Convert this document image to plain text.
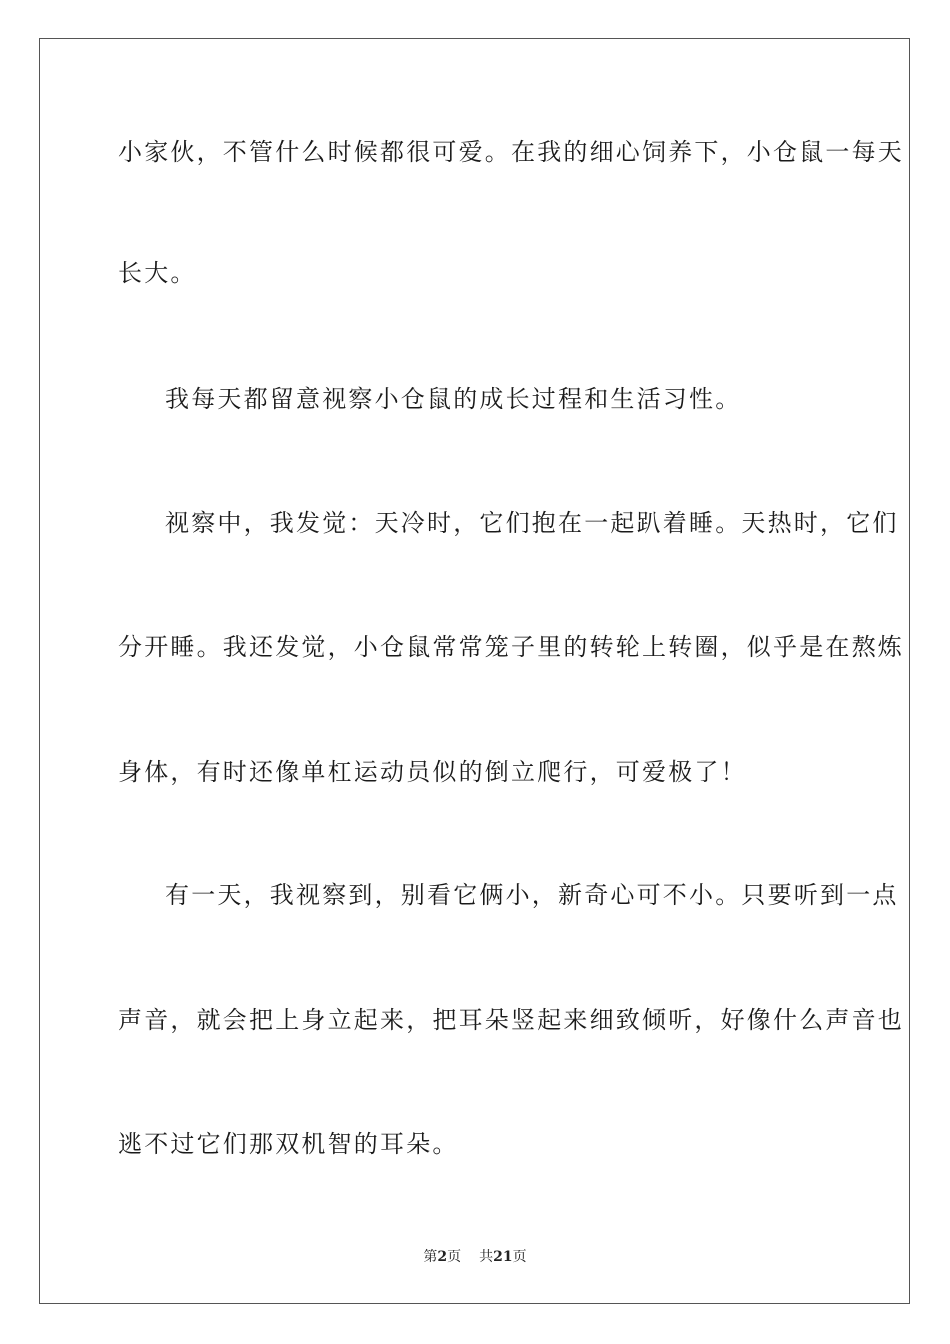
小家伙，不管什么时候都很可爱。在我的细心饲养下，小仓鼠一每天
长大。
我每天都留意视察小仓鼠的成长过程和生活习性。
视察中，我发觉：天冷时，它们抱在一起趴着睡。天热时，它们
分开睡。我还发觉，小仓鼠常常笼子里的转轮上转圈，似乎是在熬炼
身体，有时还像单杠运动员似的倒立爬行，可爱极了！
有一天，我视察到，别看它俩小，新奇心可不小。只要听到一点
声音，就会把上身立起来，把耳朵竖起来细致倾听，好像什么声音也
逃不过它们那双机智的耳朵。
第2页 共21页
